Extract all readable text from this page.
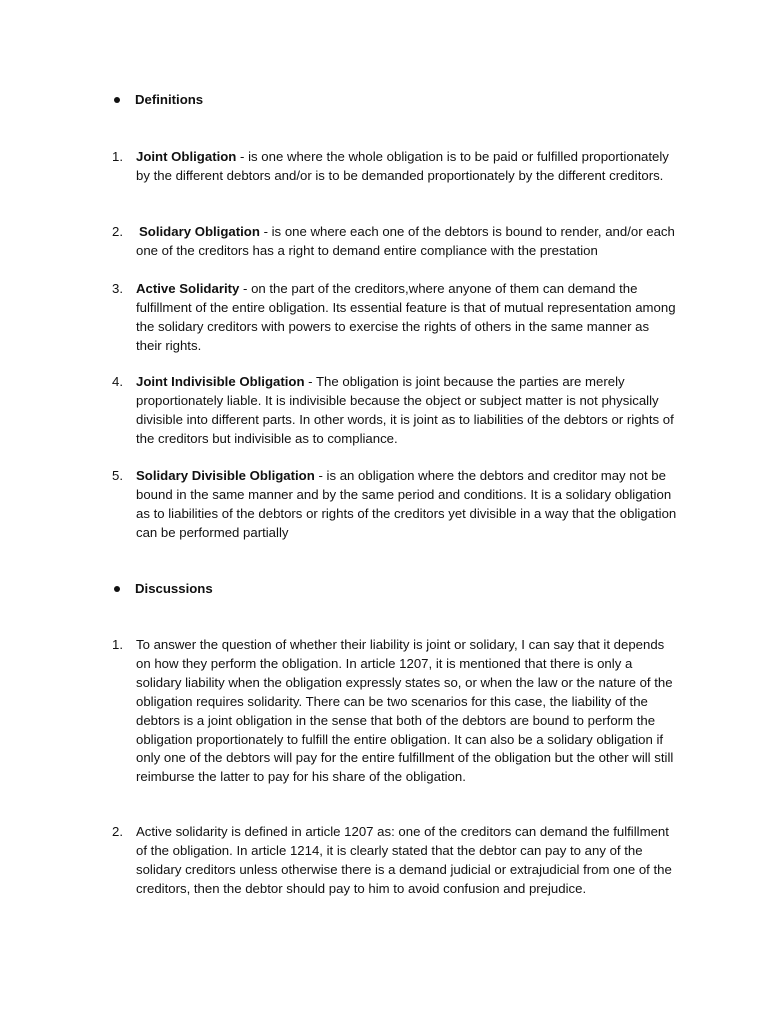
Definitions
1. Joint Obligation - is one where the whole obligation is to be paid or fulfilled proportionately by the different debtors and/or is to be demanded proportionately by the different creditors.
2.	Solidary Obligation - is one where each one of the debtors is bound to render, and/or each one of the creditors has a right to demand entire compliance with the prestation
3. Active Solidarity - on the part of the creditors,where anyone of them can demand the fulfillment of the entire obligation. Its essential feature is that of mutual representation among the solidary creditors with powers to exercise the rights of others in the same manner as their rights.
4. Joint Indivisible Obligation - The obligation is joint because the parties are merely proportionately liable. It is indivisible because the object or subject matter is not physically divisible into different parts. In other words, it is joint as to liabilities of the debtors or rights of the creditors but indivisible as to compliance.
5. Solidary Divisible Obligation - is an obligation where the debtors and creditor may not be bound in the same manner and by the same period and conditions. It is a solidary obligation as to liabilities of the debtors or rights of the creditors yet divisible in a way that the obligation can be performed partially
Discussions
1. To answer the question of whether their liability is joint or solidary, I can say that it depends on how they perform the obligation. In article 1207, it is mentioned that there is only a solidary liability when the obligation expressly states so, or when the law or the nature of the obligation requires solidarity. There can be two scenarios for this case, the liability of the debtors is a joint obligation in the sense that both of the debtors are bound to perform the obligation proportionately to fulfill the entire obligation. It can also be a solidary obligation if only one of the debtors will pay for the entire fulfillment of the obligation but the other will still reimburse the latter to pay for his share of the obligation.
2. Active solidarity is defined in article 1207 as: one of the creditors can demand the fulfillment of the obligation. In article 1214, it is clearly stated that the debtor can pay to any of the solidary creditors unless otherwise there is a demand judicial or extrajudicial from one of the creditors, then the debtor should pay to him to avoid confusion and prejudice.
